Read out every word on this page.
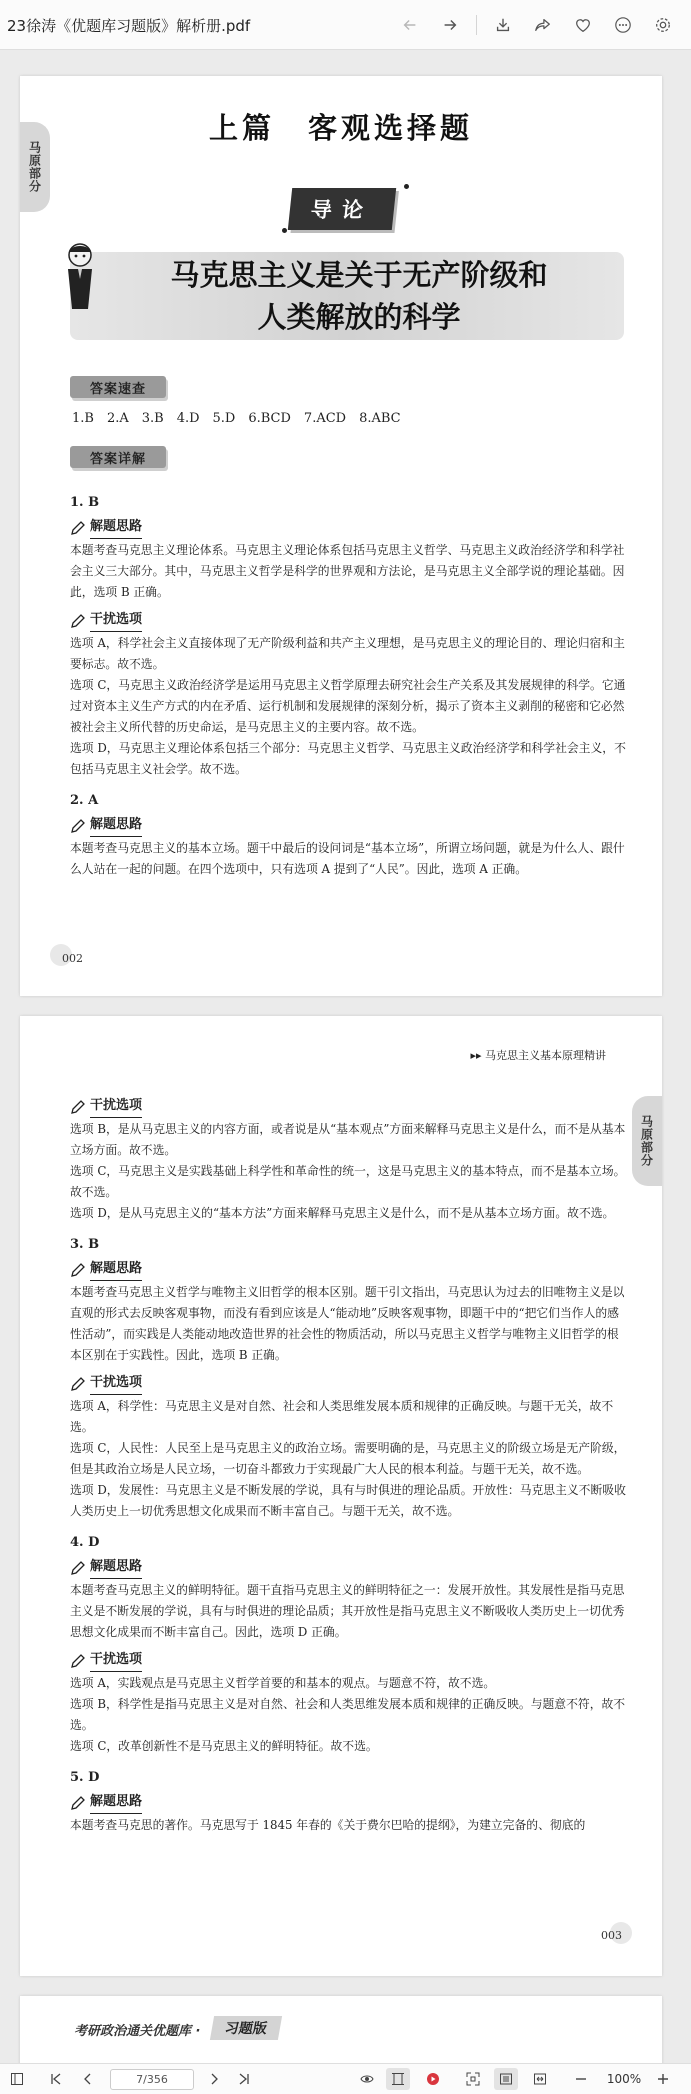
23徐涛《优题库习题版》解析册.pdf
马原部分
上篇　客观选择题
导论
马克思主义是关于无产阶级和
人类解放的科学
答案速查
1.B　2.A　3.B　4.D　5.D　6.BCD　7.ACD　8.ABC
答案详解
1. B
解题思路

本题考查马克思主义理论体系。马克思主义理论体系包括马克思主义哲学、马克思主义政治经济学和科学社会主义三大部分。其中，马克思主义哲学是科学的世界观和方法论，是马克思主义全部学说的理论基础。因此，选项 B 正确。

干扰选项

选项 A，科学社会主义直接体现了无产阶级利益和共产主义理想，是马克思主义的理论目的、理论归宿和主要标志。故不选。

选项 C，马克思主义政治经济学是运用马克思主义哲学原理去研究社会生产关系及其发展规律的科学。它通过对资本主义生产方式的内在矛盾、运行机制和发展规律的深刻分析，揭示了资本主义剥削的秘密和它必然被社会主义所代替的历史命运，是马克思主义的主要内容。故不选。

选项 D，马克思主义理论体系包括三个部分：马克思主义哲学、马克思主义政治经济学和科学社会主义，不包括马克思主义社会学。故不选。

2. A
解题思路

本题考查马克思主义的基本立场。题干中最后的设问词是“基本立场”，所谓立场问题，就是为什么人、跟什么人站在一起的问题。在四个选项中，只有选项 A 提到了“人民”。因此，选项 A 正确。

002
▸▸ 马克思主义基本原理精讲
马原部分
干扰选项

选项 B，是从马克思主义的内容方面，或者说是从“基本观点”方面来解释马克思主义是什么，而不是从基本立场方面。故不选。

选项 C，马克思主义是实践基础上科学性和革命性的统一，这是马克思主义的基本特点，而不是基本立场。故不选。

选项 D，是从马克思主义的“基本方法”方面来解释马克思主义是什么，而不是从基本立场方面。故不选。

3. B
解题思路

本题考查马克思主义哲学与唯物主义旧哲学的根本区别。题干引文指出，马克思认为过去的旧唯物主义是以直观的形式去反映客观事物，而没有看到应该是人“能动地”反映客观事物，即题干中的“把它们当作人的感性活动”，而实践是人类能动地改造世界的社会性的物质活动，所以马克思主义哲学与唯物主义旧哲学的根本区别在于实践性。因此，选项 B 正确。

干扰选项

选项 A，科学性：马克思主义是对自然、社会和人类思维发展本质和规律的正确反映。与题干无关，故不选。

选项 C，人民性：人民至上是马克思主义的政治立场。需要明确的是，马克思主义的阶级立场是无产阶级，但是其政治立场是人民立场，一切奋斗都致力于实现最广大人民的根本利益。与题干无关，故不选。

选项 D，发展性：马克思主义是不断发展的学说，具有与时俱进的理论品质。开放性：马克思主义不断吸收人类历史上一切优秀思想文化成果而不断丰富自己。与题干无关，故不选。

4. D
解题思路

本题考查马克思主义的鲜明特征。题干直指马克思主义的鲜明特征之一：发展开放性。其发展性是指马克思主义是不断发展的学说，具有与时俱进的理论品质；其开放性是指马克思主义不断吸收人类历史上一切优秀思想文化成果而不断丰富自己。因此，选项 D 正确。

干扰选项

选项 A，实践观点是马克思主义哲学首要的和基本的观点。与题意不符，故不选。

选项 B，科学性是指马克思主义是对自然、社会和人类思维发展本质和规律的正确反映。与题意不符，故不选。

选项 C，改革创新性不是马克思主义的鲜明特征。故不选。

5. D
解题思路

本题考查马克思的著作。马克思写于 1845 年春的《关于费尔巴哈的提纲》，为建立完备的、彻底的

003
考研政治通关优题库 ·	习题版
7/356	100%
